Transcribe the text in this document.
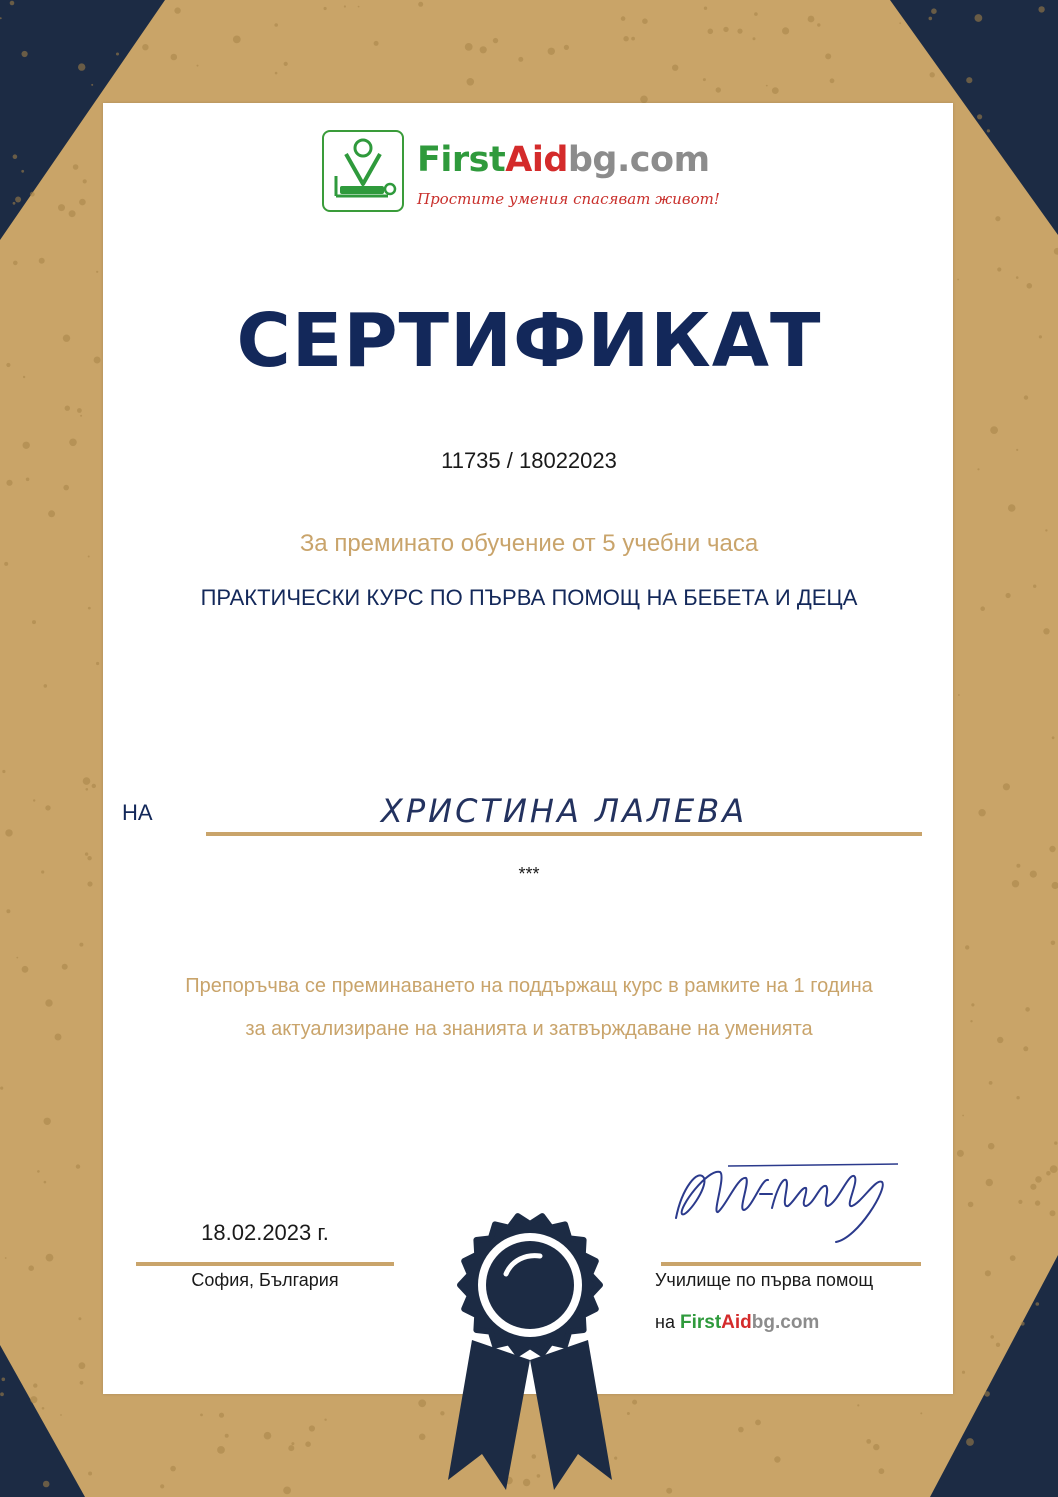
FirstAidbg.com
Простите умения спасяват живот!
СЕРТИФИКАТ
11735 / 18022023
За преминато обучение от 5 учебни часа
ПРАКТИЧЕСКИ КУРС ПО ПЪРВА ПОМОЩ НА БЕБЕТА И ДЕЦА
НА	ХРИСТИНА ЛАЛЕВА
***
Препоръчва се преминаването на поддържащ курс в рамките на 1 година
за актуализиране на знанията и затвърждаване на уменията
18.02.2023 г.
София, България	Училище по първа помощ
на FirstAidbg.com
